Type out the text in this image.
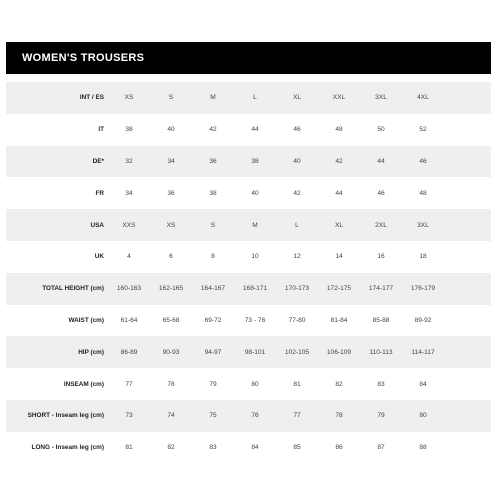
WOMEN'S TROUSERS
INT / ES	XS	S	M	L	XL	XXL	3XL	4XL
IT	38	40	42	44	46	48	50	52
DE*	32	34	36	38	40	42	44	46
FR	34	36	38	40	42	44	46	48
USA	XXS	XS	S	M	L	XL	2XL	3XL
UK	4	6	8	10	12	14	16	18
TOTAL HEIGHT (cm)	160-163	162-165	164-167	168-171	170-173	172-175	174-177	176-179
WAIST (cm)	61-64	65-68	69-72	73 - 76	77-80	81-84	85-88	89-92
HIP (cm)	86-89	90-93	94-97	98-101	102-105	106-109	110-113	114-117
INSEAM (cm)	77	78	79	80	81	82	83	84
SHORT - Inseam leg (cm)	73	74	75	76	77	78	79	80
LONG - Inseam leg (cm)	81	82	83	84	85	86	87	88
